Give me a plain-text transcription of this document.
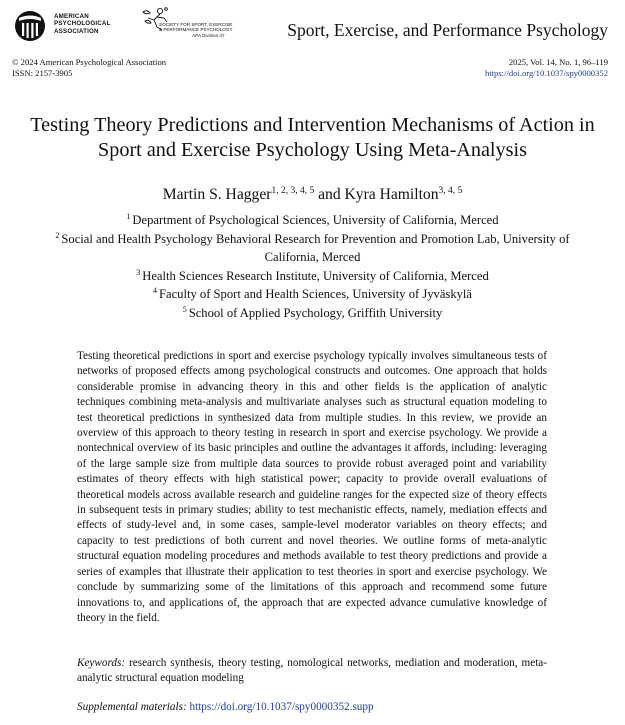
AMERICAN
PSYCHOLOGICAL
ASSOCIATION
SOCIETY FOR SPORT, EXERCISE
& PERFORMANCE PSYCHOLOGY
APA Division 47	Sport, Exercise, and Performance Psychology
© 2024 American Psychological Association
ISSN: 2157-3905
2025, Vol. 14, No. 1, 96–119
https://doi.org/10.1037/spy0000352
Testing Theory Predictions and Intervention Mechanisms of Action in
Sport and Exercise Psychology Using Meta-Analysis
Martin S. Hagger$^{1, 2, 3, 4, 5}$ and Kyra Hamilton$^{3, 4, 5}$
$^1$ Department of Psychological Sciences, University of California, Merced
$^2$ Social and Health Psychology Behavioral Research for Prevention and Promotion Lab, University of California, Merced
$^3$ Health Sciences Research Institute, University of California, Merced
$^4$ Faculty of Sport and Health Sciences, University of Jyväskylä
$^5$ School of Applied Psychology, Griffith University
Testing theoretical predictions in sport and exercise psychology typically involves simultaneous tests of networks of proposed effects among psychological constructs and outcomes. One approach that holds considerable promise in advancing theory in this and other fields is the application of analytic techniques combining meta-analysis and multivariate analyses such as structural equation modeling to test theoretical predictions in synthesized data from multiple studies. In this review, we provide an overview of this approach to theory testing in research in sport and exercise psychology. We provide a nontechnical overview of its basic principles and outline the advantages it affords, including: leveraging of the large sample size from multiple data sources to provide robust averaged point and variability estimates of theory effects with high statistical power; capacity to provide overall evaluations of theoretical models across available research and guideline ranges for the expected size of theory effects in subsequent tests in primary studies; ability to test mechanistic effects, namely, mediation effects and effects of study-level and, in some cases, sample-level moderator variables on theory effects; and capacity to test predictions of both current and novel theories. We outline forms of meta-analytic structural equation modeling procedures and methods available to test theory predictions and provide a series of examples that illustrate their application to test theories in sport and exercise psychology. We conclude by summarizing some of the limitations of this approach and recommend some future innovations to, and applications of, the approach that are expected advance cumulative knowledge of theory in the field.
Keywords: research synthesis, theory testing, nomological networks, mediation and moderation, meta-analytic structural equation modeling
Supplemental materials: https://doi.org/10.1037/spy0000352.supp
